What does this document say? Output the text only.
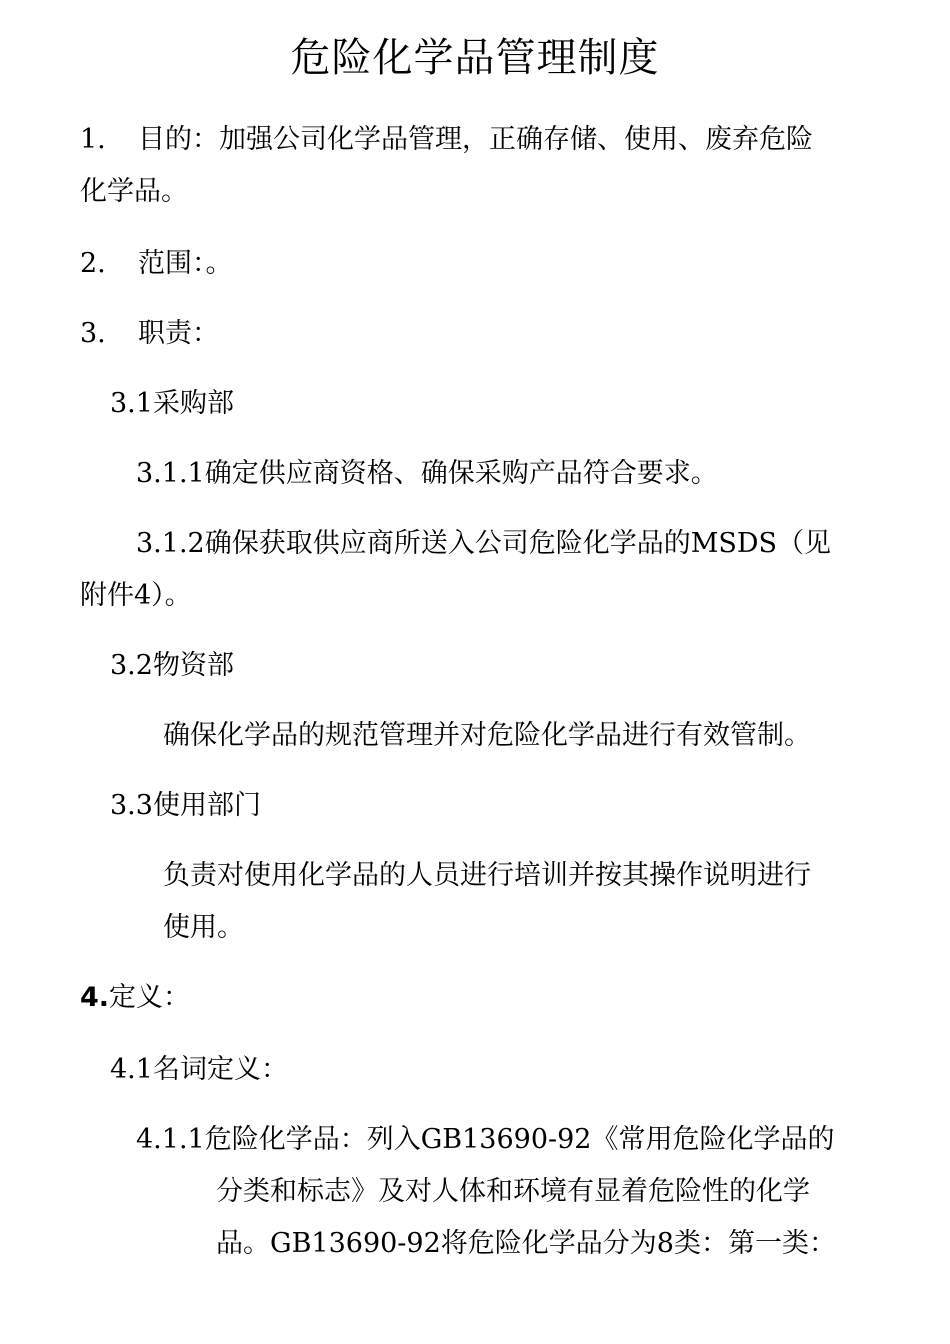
危险化学品管理制度
1. 目的：加强公司化学品管理，正确存储、使用、废弃危险
化学品。
2. 范围：。
3. 职责：
3.1采购部
3.1.1确定供应商资格、确保采购产品符合要求。
3.1.2确保获取供应商所送入公司危险化学品的MSDS（见
附件4）。
3.2物资部
确保化学品的规范管理并对危险化学品进行有效管制。
3.3使用部门
负责对使用化学品的人员进行培训并按其操作说明进行
使用。
4.定义：
4.1名词定义：
4.1.1危险化学品：列入GB13690-92《常用危险化学品的
分类和标志》及对人体和环境有显着危险性的化学
品。GB13690-92将危险化学品分为8类：第一类：
